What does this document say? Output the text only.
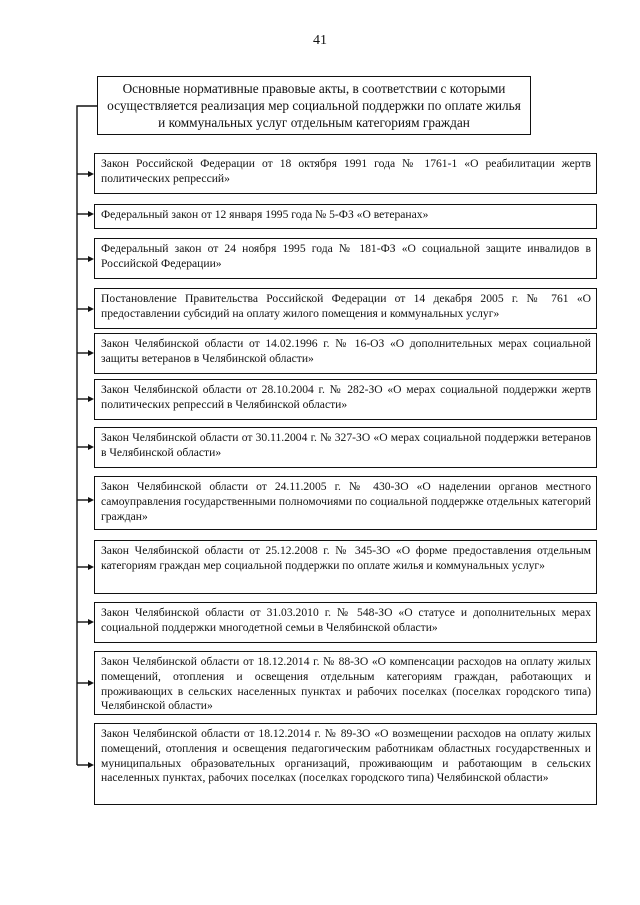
41
Основные нормативные правовые акты, в соответствии с которыми осуществляется реализация мер социальной поддержки по оплате жилья и коммунальных услуг отдельным категориям граждан
Закон Российской Федерации от 18 октября 1991 года № 1761-1 «О реабилитации жертв политических репрессий»
Федеральный закон от 12 января 1995 года № 5-ФЗ «О ветеранах»
Федеральный закон от 24 ноября 1995 года № 181-ФЗ «О социальной защите инвалидов в Российской Федерации»
Постановление Правительства Российской Федерации от 14 декабря 2005 г. № 761 «О предоставлении субсидий на оплату жилого помещения и коммунальных услуг»
Закон Челябинской области от 14.02.1996 г. № 16-ОЗ «О дополнительных мерах социальной защиты ветеранов в Челябинской области»
Закон Челябинской области от 28.10.2004 г. № 282-ЗО «О мерах социальной поддержки жертв политических репрессий в Челябинской области»
Закон Челябинской области от 30.11.2004 г. № 327-ЗО «О мерах социальной поддержки ветеранов в Челябинской области»
Закон Челябинской области от 24.11.2005 г. № 430-ЗО «О наделении органов местного самоуправления государственными полномочиями по социальной поддержке отдельных категорий граждан»
Закон Челябинской области от 25.12.2008 г. № 345-ЗО «О форме предоставления отдельным категориям граждан мер социальной поддержки по оплате жилья и коммунальных услуг»
Закон Челябинской области от 31.03.2010 г. № 548-ЗО «О статусе и дополнительных мерах социальной поддержки многодетной семьи в Челябинской области»
Закон Челябинской области от 18.12.2014 г. № 88-ЗО «О компенсации расходов на оплату жилых помещений, отопления и освещения отдельным категориям граждан, работающих и проживающих в сельских населенных пунктах и рабочих поселках (поселках городского типа) Челябинской области»
Закон Челябинской области от 18.12.2014 г. № 89-ЗО «О возмещении расходов на оплату жилых помещений, отопления и освещения педагогическим работникам областных государственных и муниципальных образовательных организаций, проживающим и работающим в сельских населенных пунктах, рабочих поселках (поселках городского типа) Челябинской области»
